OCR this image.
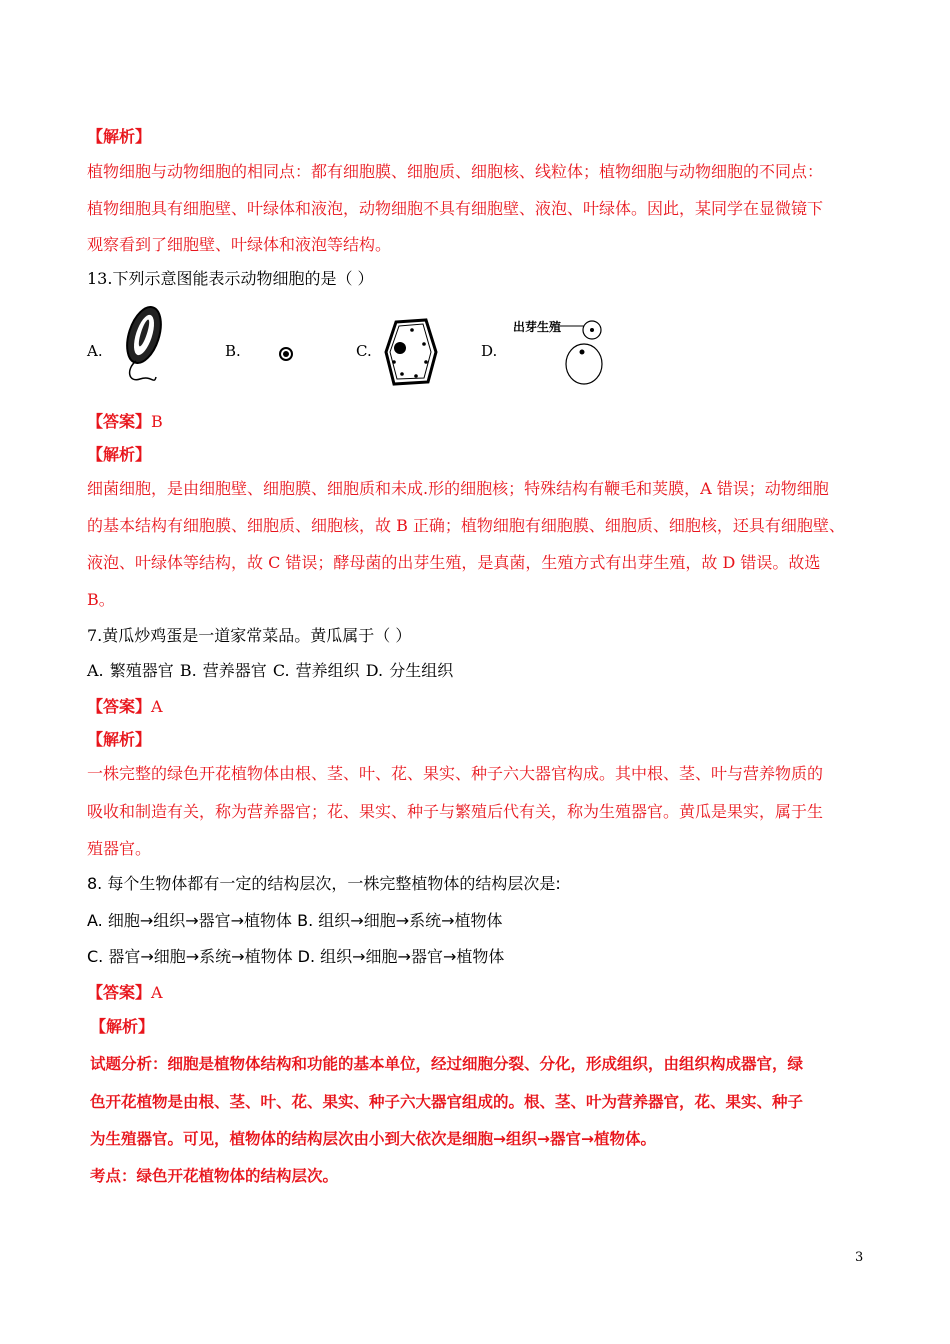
【解析】
植物细胞与动物细胞的相同点：都有细胞膜、细胞质、细胞核、线粒体；植物细胞与动物细胞的不同点：
植物细胞具有细胞壁、叶绿体和液泡，动物细胞不具有细胞壁、液泡、叶绿体。因此，某同学在显微镜下
观察看到了细胞壁、叶绿体和液泡等结构。
13.下列示意图能表示动物细胞的是（ ）
A.	B.	C.	D.
出芽生殖
【答案】B
【解析】
细菌细胞，是由细胞壁、细胞膜、细胞质和未成.形的细胞核；特殊结构有鞭毛和荚膜，A 错误；动物细胞
的基本结构有细胞膜、细胞质、细胞核，故 B 正确；植物细胞有细胞膜、细胞质、细胞核，还具有细胞壁、
液泡、叶绿体等结构，故 C 错误；酵母菌的出芽生殖，是真菌，生殖方式有出芽生殖，故 D 错误。故选
B。
7.黄瓜炒鸡蛋是一道家常菜品。黄瓜属于（ ）
A. 繁殖器官 B. 营养器官 C. 营养组织 D. 分生组织
【答案】A
【解析】
一株完整的绿色开花植物体由根、茎、叶、花、果实、种子六大器官构成。其中根、茎、叶与营养物质的
吸收和制造有关，称为营养器官；花、果实、种子与繁殖后代有关，称为生殖器官。黄瓜是果实，属于生
殖器官。
8. 每个生物体都有一定的结构层次，一株完整植物体的结构层次是:
A. 细胞→组织→器官→植物体 B. 组织→细胞→系统→植物体
C. 器官→细胞→系统→植物体 D. 组织→细胞→器官→植物体
【答案】A
【解析】
试题分析：细胞是植物体结构和功能的基本单位，经过细胞分裂、分化，形成组织，由组织构成器官，绿
色开花植物是由根、茎、叶、花、果实、种子六大器官组成的。根、茎、叶为营养器官，花、果实、种子
为生殖器官。可见，植物体的结构层次由小到大依次是细胞→组织→器官→植物体。
考点：绿色开花植物体的结构层次。
3
